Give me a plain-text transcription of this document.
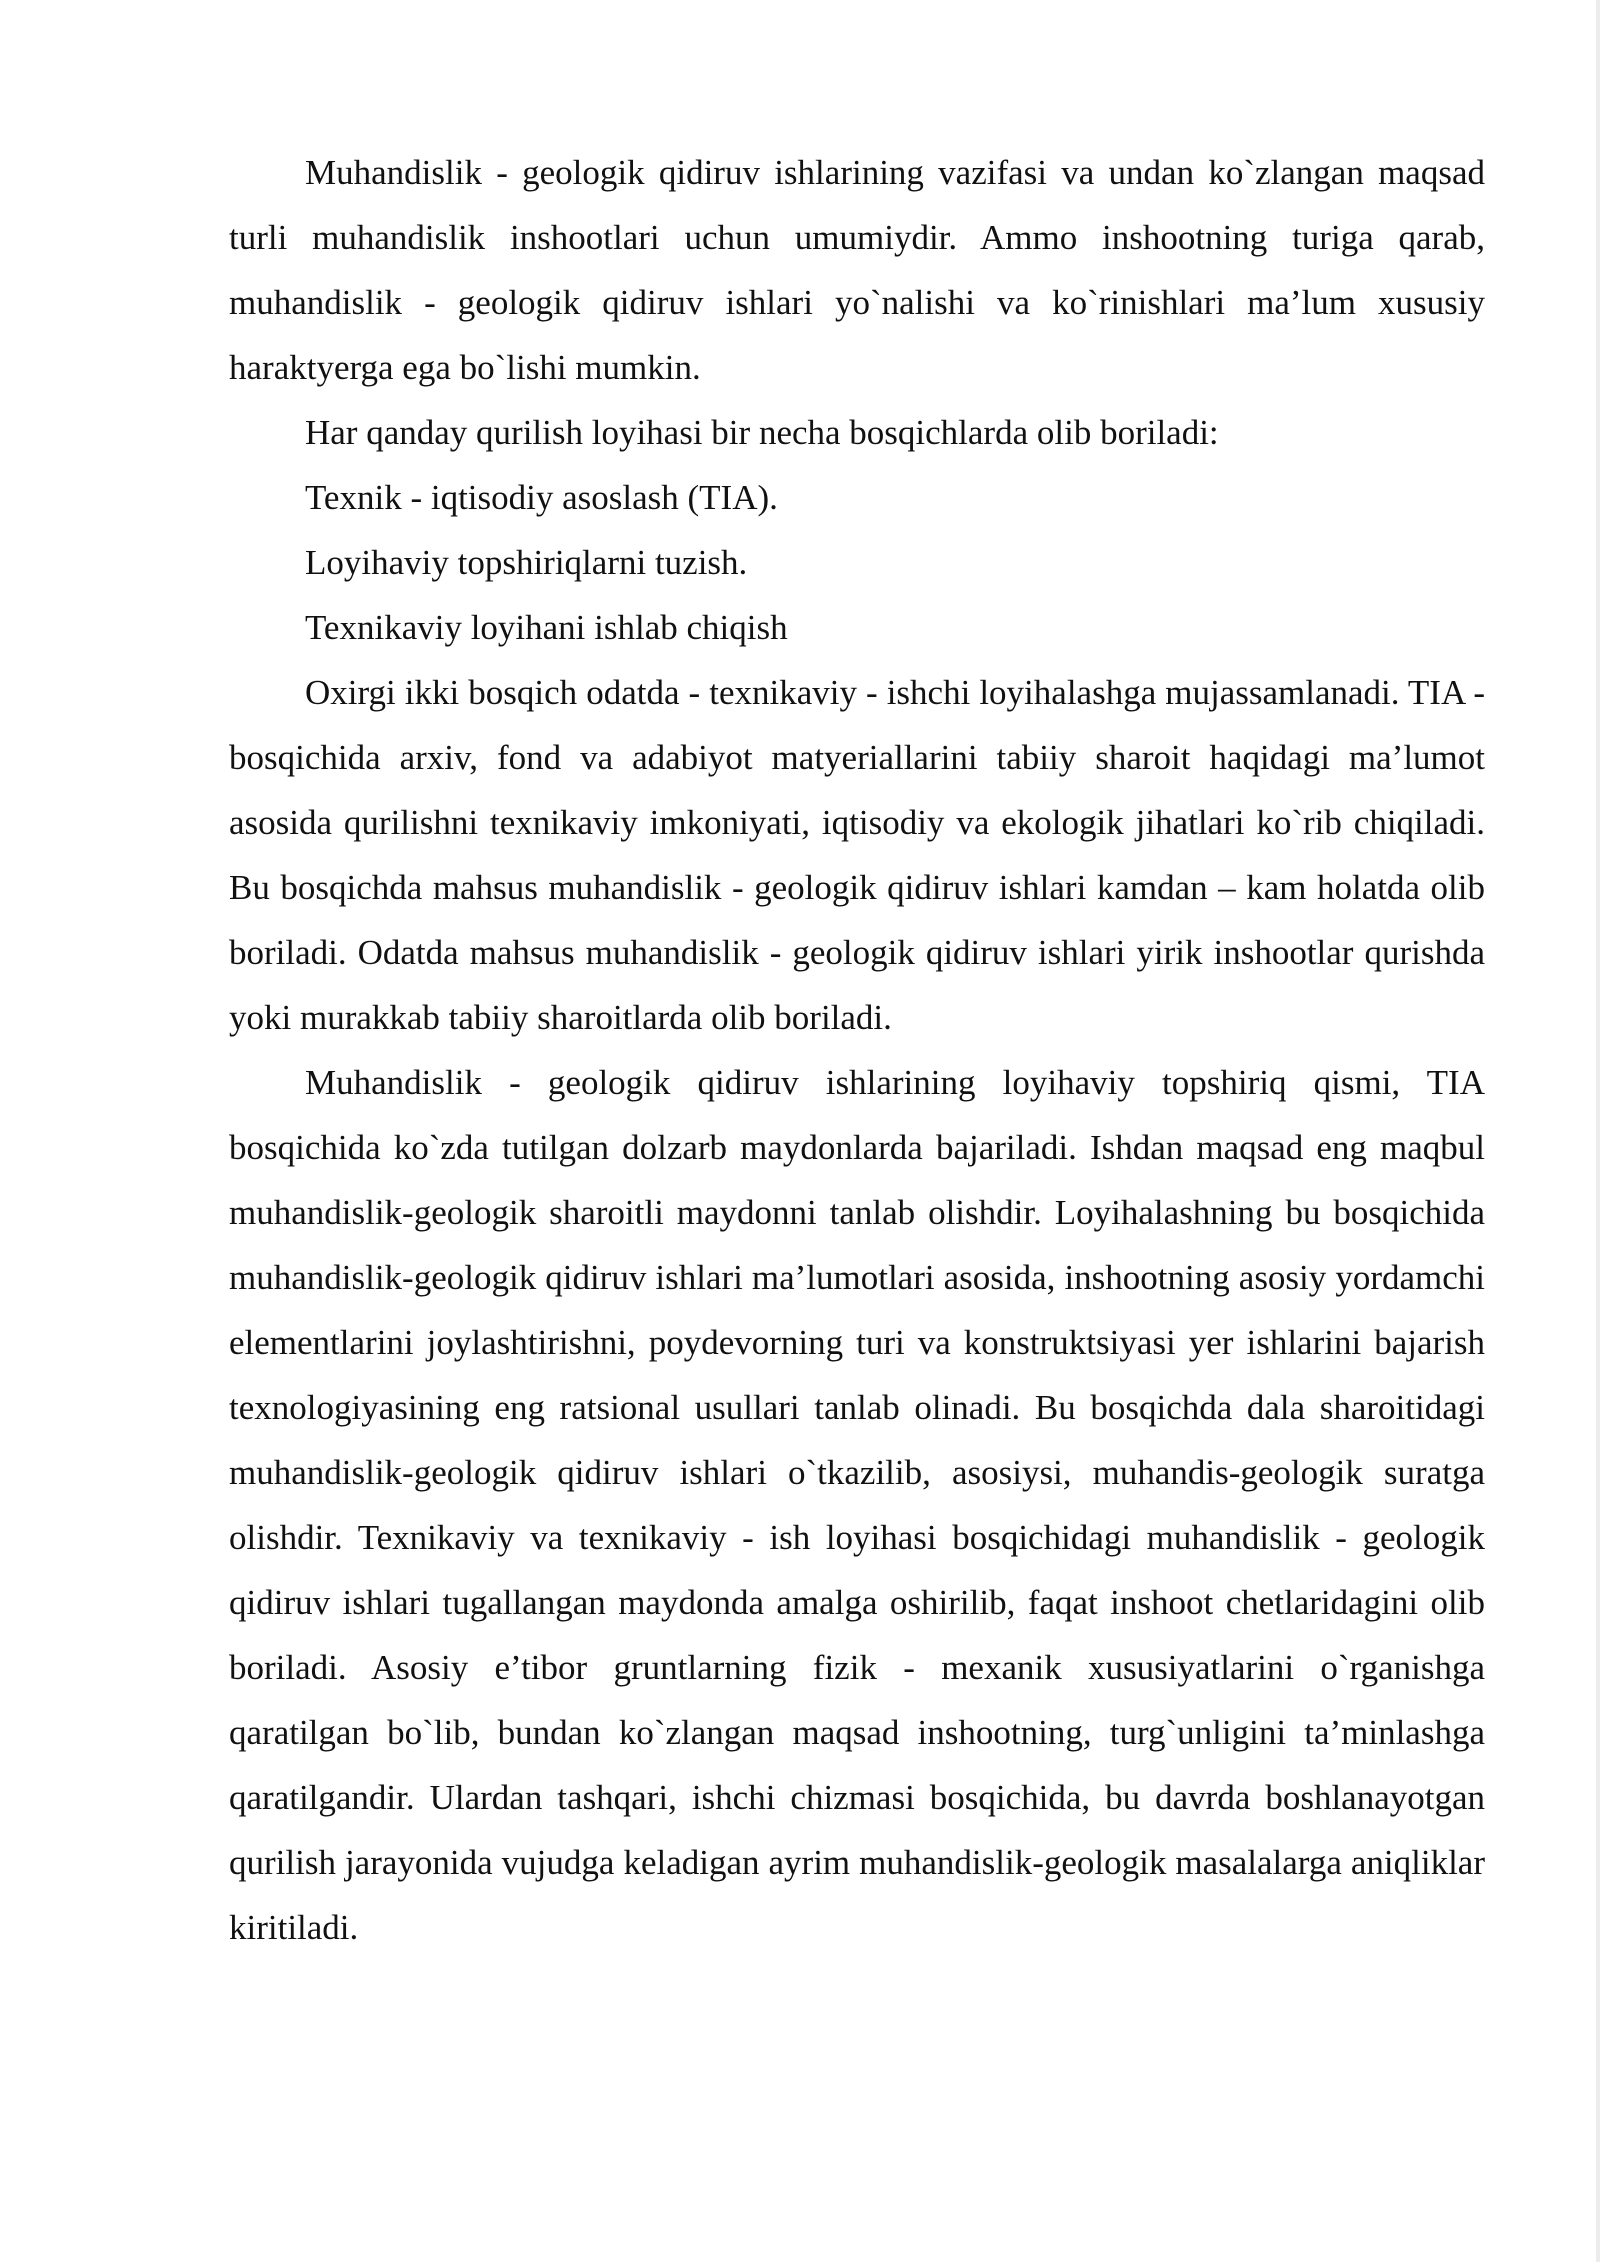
Muhandislik - geologik qidiruv ishlarining vazifasi va undan ko`zlangan maqsad turli muhandislik inshootlari uchun umumiydir. Ammo inshootning turiga qarab, muhandislik - geologik qidiruv ishlari yo`nalishi va ko`rinishlari ma’lum xususiy haraktyerga ega bo`lishi mumkin.

Har qanday qurilish loyihasi bir necha bosqichlarda olib boriladi:

Texnik - iqtisodiy asoslash (TIA).

Loyihaviy topshiriqlarni tuzish.

Texnikaviy loyihani ishlab chiqish

Oxirgi ikki bosqich odatda - texnikaviy - ishchi loyihalashga mujassamlanadi. TIA - bosqichida arxiv, fond va adabiyot matyeriallarini tabiiy sharoit haqidagi ma’lumot asosida qurilishni texnikaviy imkoniyati, iqtisodiy va ekologik jihatlari ko`rib chiqiladi. Bu bosqichda mahsus muhandislik - geologik qidiruv ishlari kamdan – kam holatda olib boriladi. Odatda mahsus muhandislik - geologik qidiruv ishlari yirik inshootlar qurishda yoki murakkab tabiiy sharoitlarda olib boriladi.

Muhandislik - geologik qidiruv ishlarining loyihaviy topshiriq qismi, TIA bosqichida ko`zda tutilgan dolzarb maydonlarda bajariladi. Ishdan maqsad eng maqbul muhandislik-geologik sharoitli maydonni tanlab olishdir. Loyihalashning bu bosqichida muhandislik-geologik qidiruv ishlari ma’lumotlari asosida, inshootning asosiy yordamchi elementlarini joylashtirishni, poydevorning turi va konstruktsiyasi yer ishlarini bajarish texnologiyasining eng ratsional usullari tanlab olinadi. Bu bosqichda dala sharoitidagi muhandislik-geologik qidiruv ishlari o`tkazilib, asosiysi, muhandis-geologik suratga olishdir. Texnikaviy va texnikaviy - ish loyihasi bosqichidagi muhandislik - geologik qidiruv ishlari tugallangan maydonda amalga oshirilib, faqat inshoot chetlaridagini olib boriladi. Asosiy e’tibor gruntlarning fizik - mexanik xususiyatlarini o`rganishga qaratilgan bo`lib, bundan ko`zlangan maqsad inshootning, turg`unligini ta’minlashga qaratilgandir. Ulardan tashqari, ishchi chizmasi bosqichida, bu davrda boshlanayotgan qurilish jarayonida vujudga keladigan ayrim muhandislik-geologik masalalarga aniqliklar kiritiladi.
